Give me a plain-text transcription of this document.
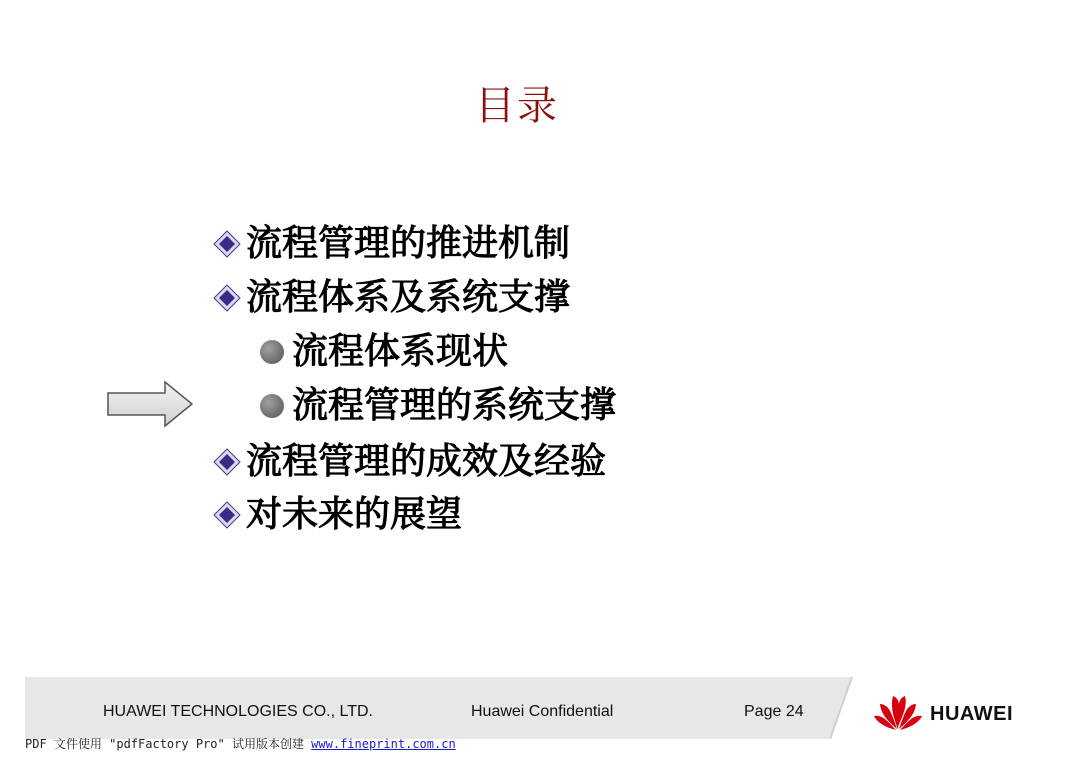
目录
流程管理的推进机制
流程体系及系统支撑
流程体系现状
流程管理的系统支撑
流程管理的成效及经验
对未来的展望
HUAWEI TECHNOLOGIES CO., LTD.	Huawei Confidential	Page 24	HUAWEI
PDF 文件使用 "pdfFactory Pro" 试用版本创建 www.fineprint.com.cn
